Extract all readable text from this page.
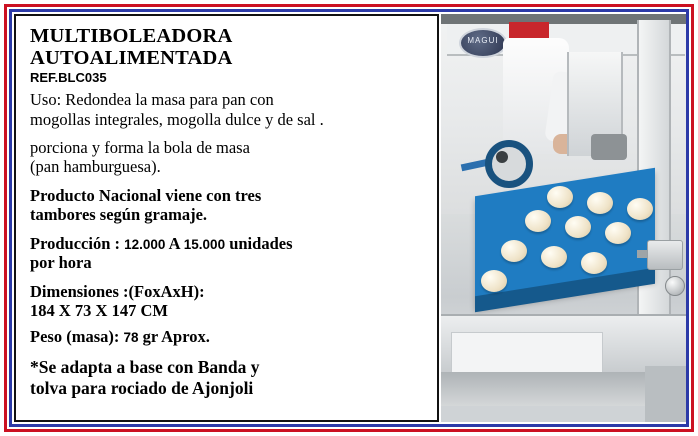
MULTIBOLEADORA AUTOALIMENTADA
REF.BLC035
Uso: Redondea la masa para pan con
mogollas integrales, mogolla dulce y de sal .
porciona y forma la bola de masa
(pan hamburguesa).
Producto Nacional viene con tres
tambores según gramaje.
Producción : 12.000 A 15.000 unidades
por hora
Dimensiones :(FoxAxH):
184 X 73 X 147 CM
Peso (masa): 78 gr Aprox.
*Se adapta a base con Banda y
tolva para rociado de Ajonjoli
MAGUI
